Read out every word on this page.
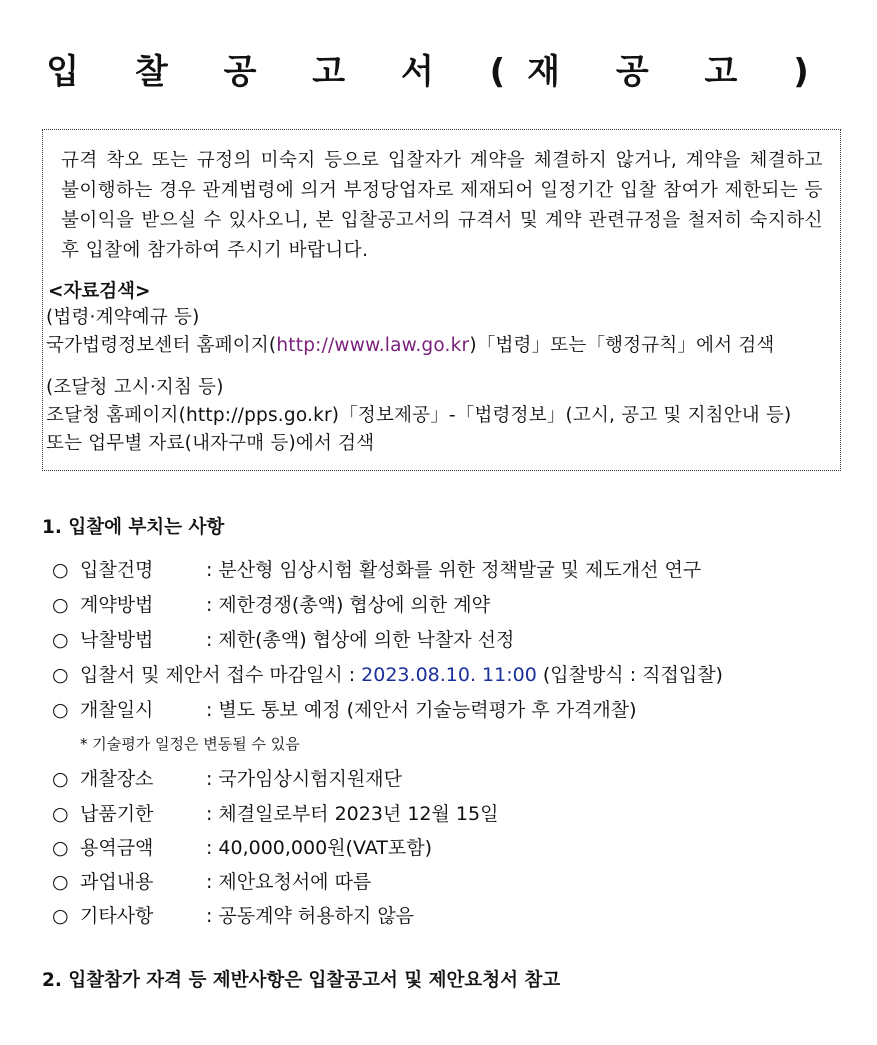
입 찰 공 고 서 (재 공 고 )

규격 착오 또는 규정의 미숙지 등으로 입찰자가 계약을 체결하지 않거나, 계약을 체결하고 불이행하는 경우 관계법령에 의거 부정당업자로 제재되어 일정기간 입찰 참여가 제한되는 등 불이익을 받으실 수 있사오니, 본 입찰공고서의 규격서 및 계약 관련규정을 철저히 숙지하신 후 입찰에 참가하여 주시기 바랍니다.

<자료검색>

(법령·계약예규 등)
국가법령정보센터 홈페이지(http://www.law.go.kr)「법령」또는「행정규칙」에서 검색
(조달청 고시·지침 등)
조달청 홈페이지(http://pps.go.kr)「정보제공」-「법령정보」(고시, 공고 및 지침안내 등)
또는 업무별 자료(내자구매 등)에서 검색
1. 입찰에 부치는 사항
○ 입찰건명	: 분산형 임상시험 활성화를 위한 정책발굴 및 제도개선 연구
○ 계약방법	: 제한경쟁(총액) 협상에 의한 계약
○ 낙찰방법	: 제한(총액) 협상에 의한 낙찰자 선정
○ 입찰서 및 제안서 접수 마감일시 : 2023.08.10. 11:00 (입찰방식 : 직접입찰)
○ 개찰일시	: 별도 통보 예정 (제안서 기술능력평가 후 가격개찰)
* 기술평가 일정은 변동될 수 있음
○ 개찰장소	: 국가임상시험지원재단
○ 납품기한	: 체결일로부터 2023년 12월 15일
○ 용역금액	: 40,000,000원(VAT포함)
○ 과업내용	: 제안요청서에 따름
○ 기타사항	: 공동계약 허용하지 않음
2. 입찰참가 자격 등 제반사항은 입찰공고서 및 제안요청서 참고
